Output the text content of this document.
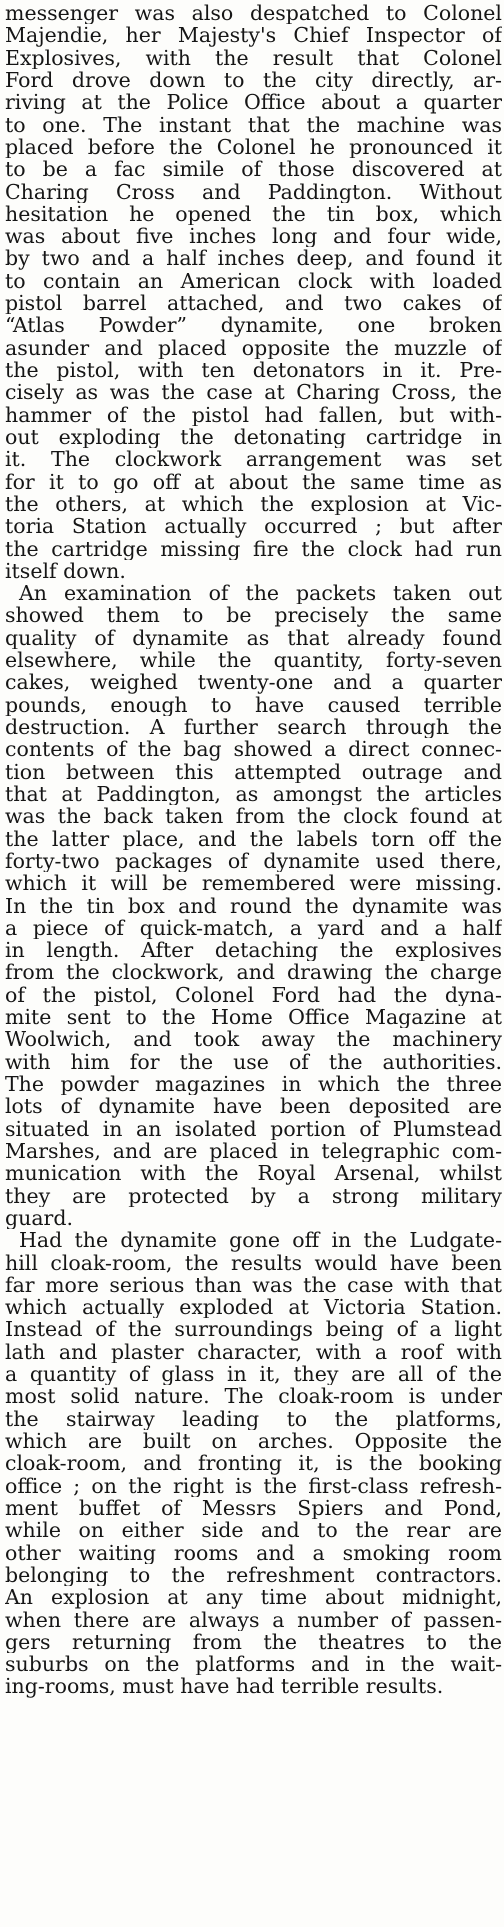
messenger was also despatched to Colonel
Majendie, her Majesty's Chief Inspector of
Explosives, with the result that Colonel
Ford drove down to the city directly, ar-
riving at the Police Office about a quarter
to one. The instant that the machine was
placed before the Colonel he pronounced it
to be a fac simile of those discovered at
Charing Cross and Paddington. Without
hesitation he opened the tin box, which
was about five inches long and four wide,
by two and a half inches deep, and found it
to contain an American clock with loaded
pistol barrel attached, and two cakes of
“Atlas Powder” dynamite, one broken
asunder and placed opposite the muzzle of
the pistol, with ten detonators in it. Pre-
cisely as was the case at Charing Cross, the
hammer of the pistol had fallen, but with-
out exploding the detonating cartridge in
it. The clockwork arrangement was set
for it to go off at about the same time as
the others, at which the explosion at Vic-
toria Station actually occurred ; but after
the cartridge missing fire the clock had run
itself down.
An examination of the packets taken out
showed them to be precisely the same
quality of dynamite as that already found
elsewhere, while the quantity, forty-seven
cakes, weighed twenty-one and a quarter
pounds, enough to have caused terrible
destruction. A further search through the
contents of the bag showed a direct connec-
tion between this attempted outrage and
that at Paddington, as amongst the articles
was the back taken from the clock found at
the latter place, and the labels torn off the
forty-two packages of dynamite used there,
which it will be remembered were missing.
In the tin box and round the dynamite was
a piece of quick-match, a yard and a half
in length. After detaching the explosives
from the clockwork, and drawing the charge
of the pistol, Colonel Ford had the dyna-
mite sent to the Home Office Magazine at
Woolwich, and took away the machinery
with him for the use of the authorities.
The powder magazines in which the three
lots of dynamite have been deposited are
situated in an isolated portion of Plumstead
Marshes, and are placed in telegraphic com-
munication with the Royal Arsenal, whilst
they are protected by a strong military
guard.
Had the dynamite gone off in the Ludgate-
hill cloak-room, the results would have been
far more serious than was the case with that
which actually exploded at Victoria Station.
Instead of the surroundings being of a light
lath and plaster character, with a roof with
a quantity of glass in it, they are all of the
most solid nature. The cloak-room is under
the stairway leading to the platforms,
which are built on arches. Opposite the
cloak-room, and fronting it, is the booking
office ; on the right is the first-class refresh-
ment buffet of Messrs Spiers and Pond,
while on either side and to the rear are
other waiting rooms and a smoking room
belonging to the refreshment contractors.
An explosion at any time about midnight,
when there are always a number of passen-
gers returning from the theatres to the
suburbs on the platforms and in the wait-
ing-rooms, must have had terrible results.
